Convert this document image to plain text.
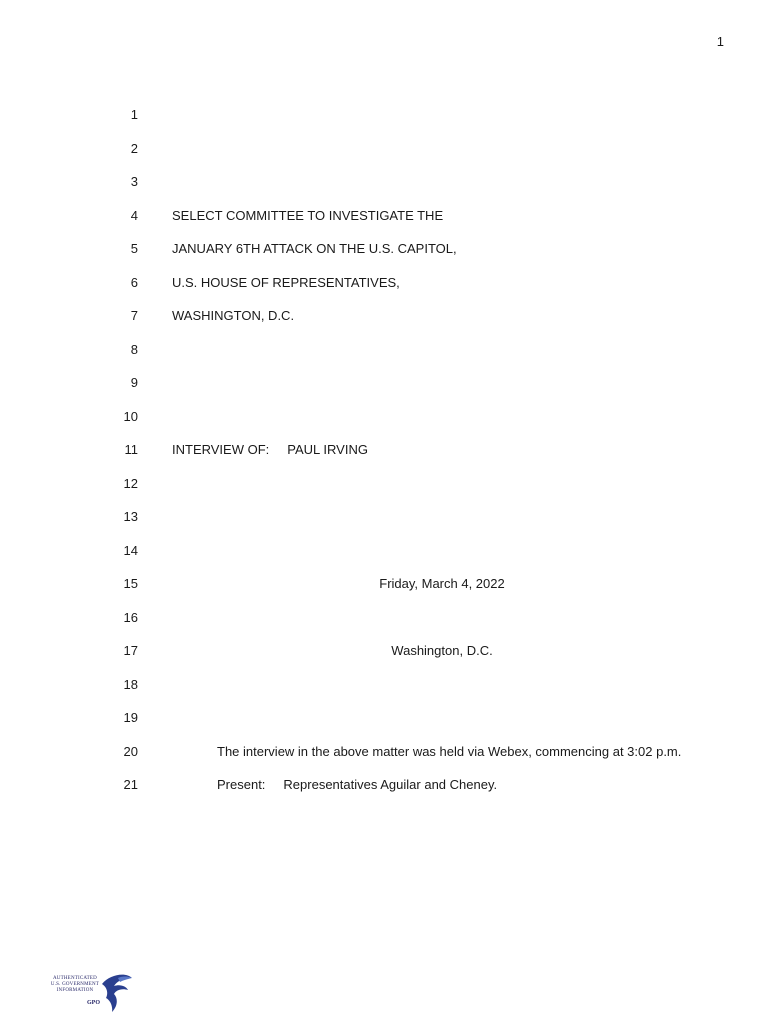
1
1
2
3
4	SELECT COMMITTEE TO INVESTIGATE THE
5	JANUARY 6TH ATTACK ON THE U.S. CAPITOL,
6	U.S. HOUSE OF REPRESENTATIVES,
7	WASHINGTON, D.C.
8
9
10
11	INTERVIEW OF: PAUL IRVING
12
13
14
15	Friday, March 4, 2022
16
17	Washington, D.C.
18
19
20	The interview in the above matter was held via Webex, commencing at 3:02 p.m.
21	Present: Representatives Aguilar and Cheney.
AUTHENTICATED
U.S. GOVERNMENT
INFORMATION
GPO
